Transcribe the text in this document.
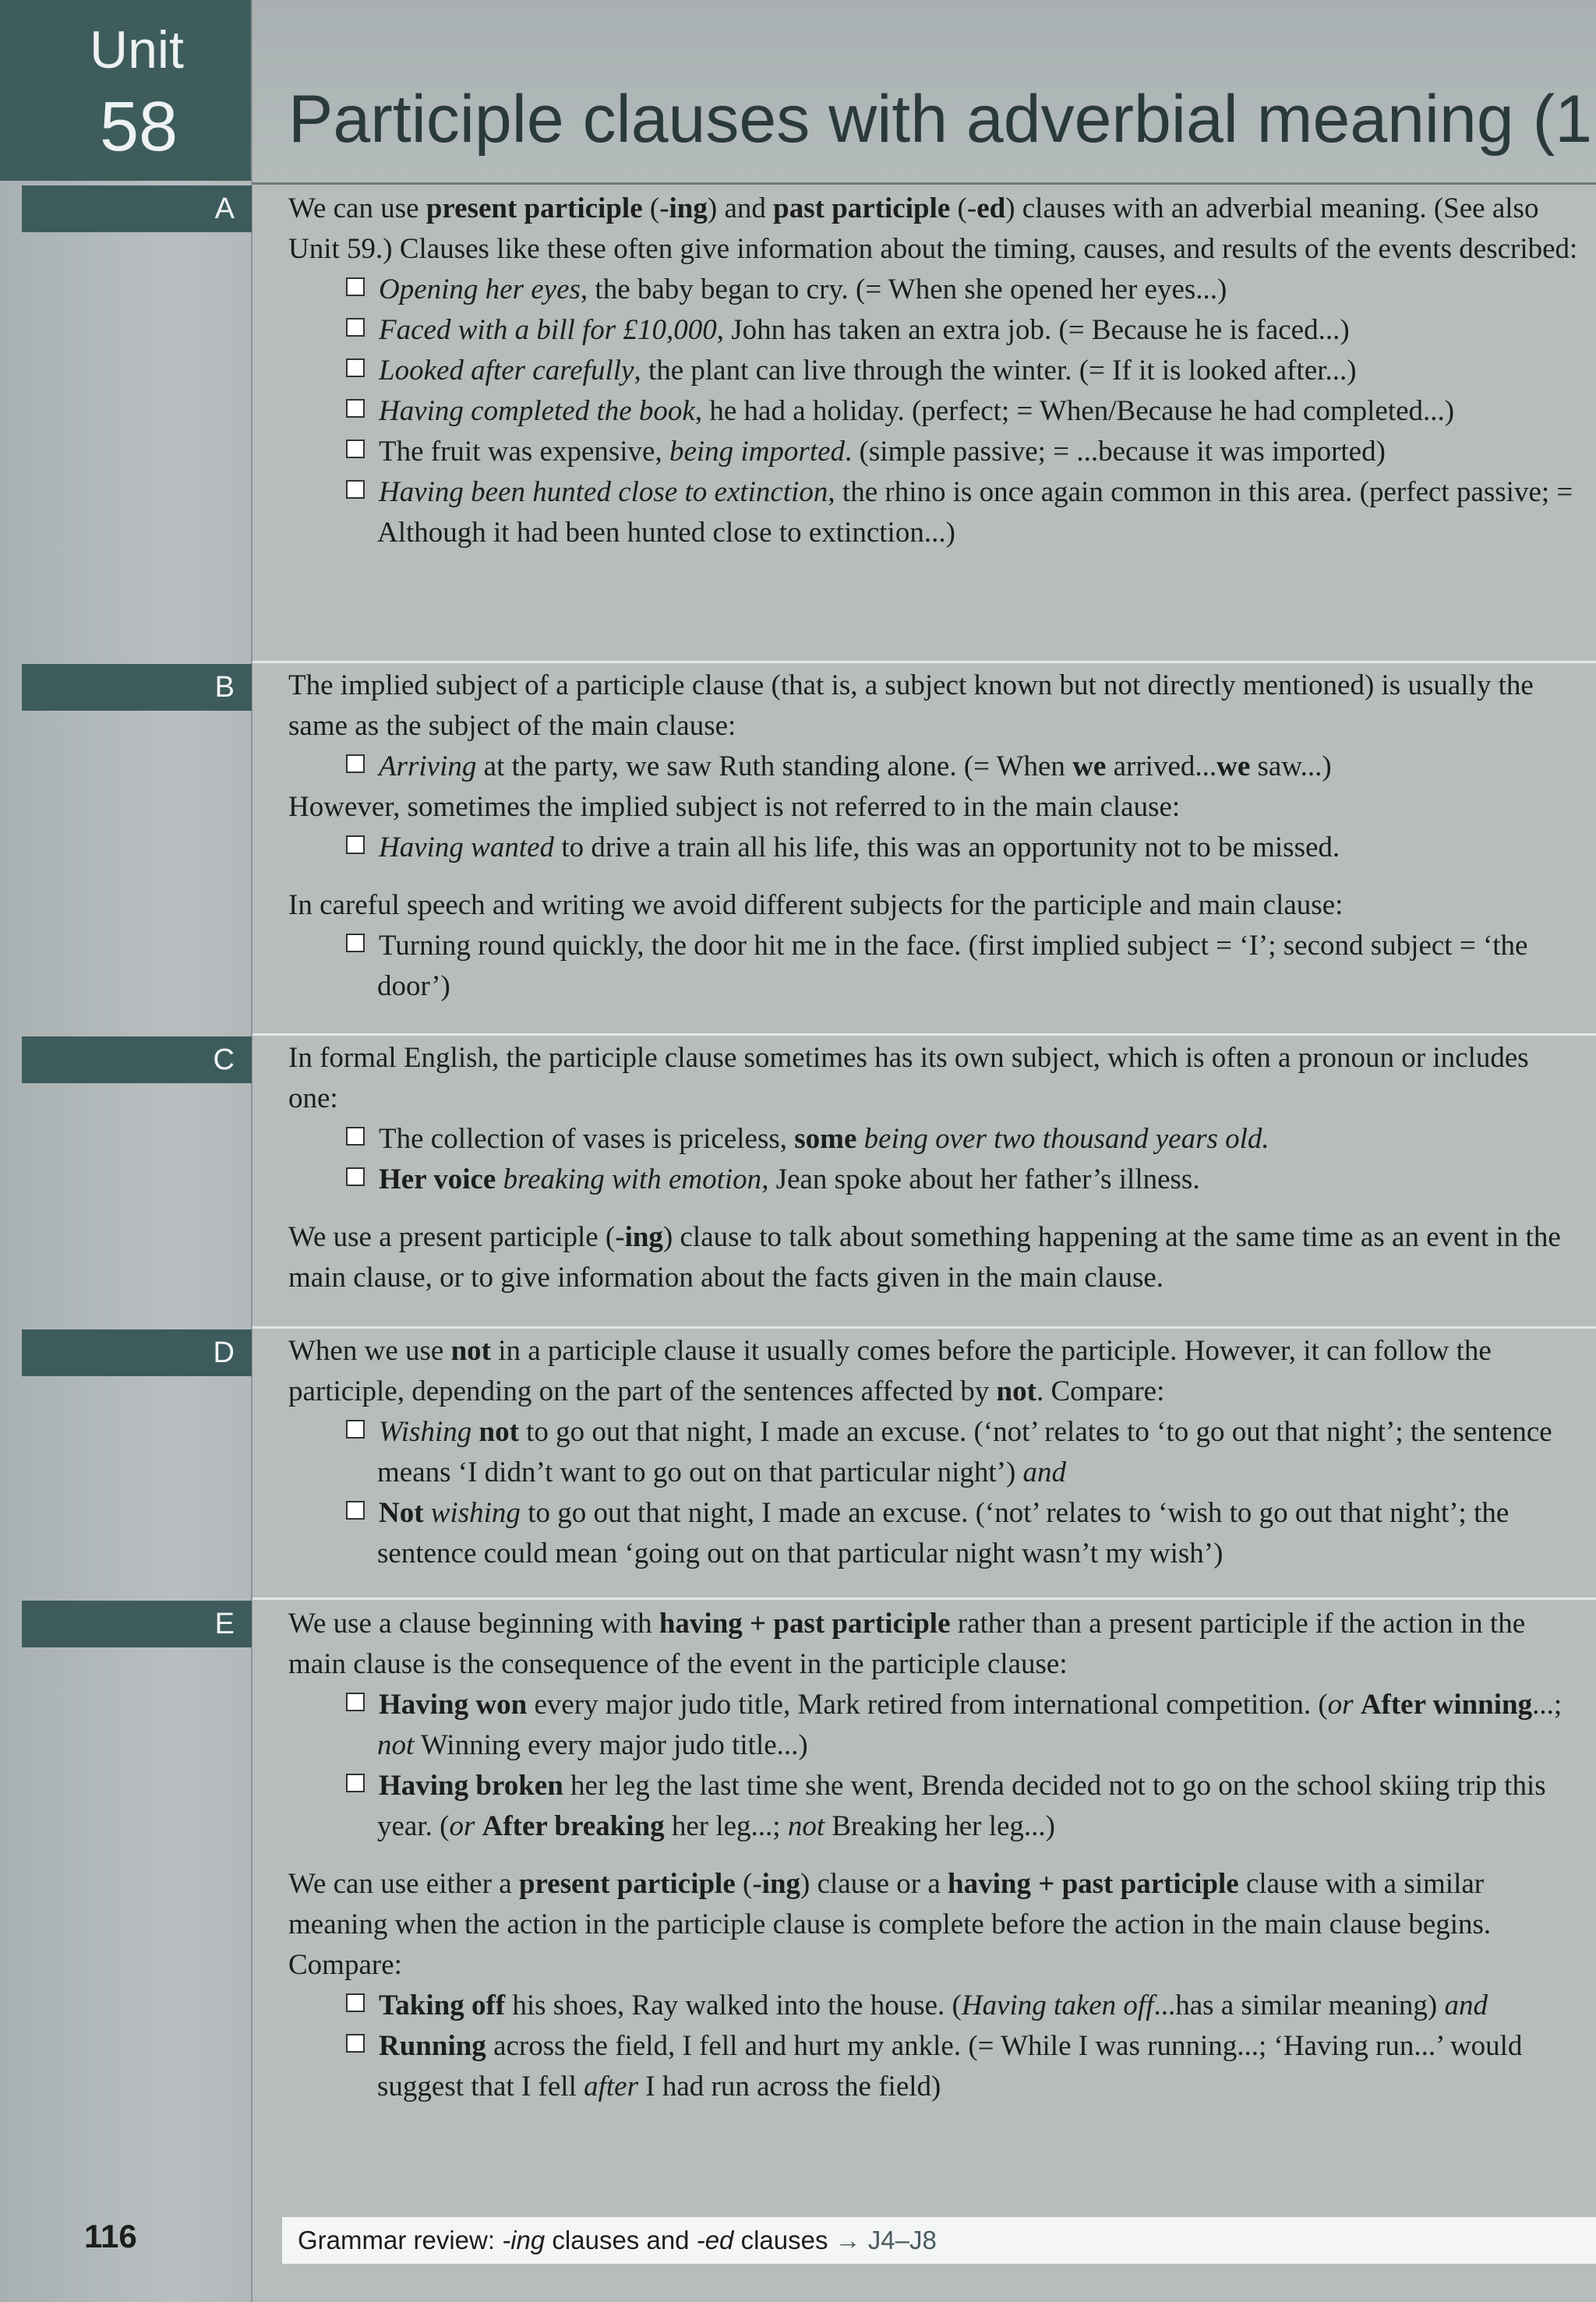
Unit
58 Participle clauses with adverbial meaning (1
A We can use present participle (-ing) and past participle (-ed) clauses with an adverbial meaning. (See also Unit 59.) Clauses like these often give information about the timing, causes, and results of the events described:
Opening her eyes, the baby began to cry. (= When she opened her eyes...)
Faced with a bill for £10,000, John has taken an extra job. (= Because he is faced...)
Looked after carefully, the plant can live through the winter. (= If it is looked after...)
Having completed the book, he had a holiday. (perfect; = When/Because he had completed...)
The fruit was expensive, being imported. (simple passive; = ...because it was imported)
Having been hunted close to extinction, the rhino is once again common in this area. (perfect passive; = Although it had been hunted close to extinction...)
B The implied subject of a participle clause (that is, a subject known but not directly mentioned) is usually the same as the subject of the main clause:
Arriving at the party, we saw Ruth standing alone. (= When we arrived...we saw...)
However, sometimes the implied subject is not referred to in the main clause:
Having wanted to drive a train all his life, this was an opportunity not to be missed.
In careful speech and writing we avoid different subjects for the participle and main clause:
Turning round quickly, the door hit me in the face. (first implied subject = ‘I’; second subject = ‘the door’)
C In formal English, the participle clause sometimes has its own subject, which is often a pronoun or includes one:
The collection of vases is priceless, some being over two thousand years old.
Her voice breaking with emotion, Jean spoke about her father’s illness.
We use a present participle (-ing) clause to talk about something happening at the same time as an event in the main clause, or to give information about the facts given in the main clause.
D When we use not in a participle clause it usually comes before the participle. However, it can follow the participle, depending on the part of the sentences affected by not. Compare:
Wishing not to go out that night, I made an excuse. (‘not’ relates to ‘to go out that night’; the sentence means ‘I didn’t want to go out on that particular night’) and
Not wishing to go out that night, I made an excuse. (‘not’ relates to ‘wish to go out that night’; the sentence could mean ‘going out on that particular night wasn’t my wish’)
E We use a clause beginning with having + past participle rather than a present participle if the action in the main clause is the consequence of the event in the participle clause:
Having won every major judo title, Mark retired from international competition. (or After winning...; not Winning every major judo title...)
Having broken her leg the last time she went, Brenda decided not to go on the school skiing trip this year. (or After breaking her leg...; not Breaking her leg...)
We can use either a present participle (-ing) clause or a having + past participle clause with a similar meaning when the action in the participle clause is complete before the action in the main clause begins. Compare:
Taking off his shoes, Ray walked into the house. (Having taken off...has a similar meaning) and
Running across the field, I fell and hurt my ankle. (= While I was running...; ‘Having run...’ would suggest that I fell after I had run across the field)
116	Grammar review: -ing clauses and -ed clauses → J4–J8
